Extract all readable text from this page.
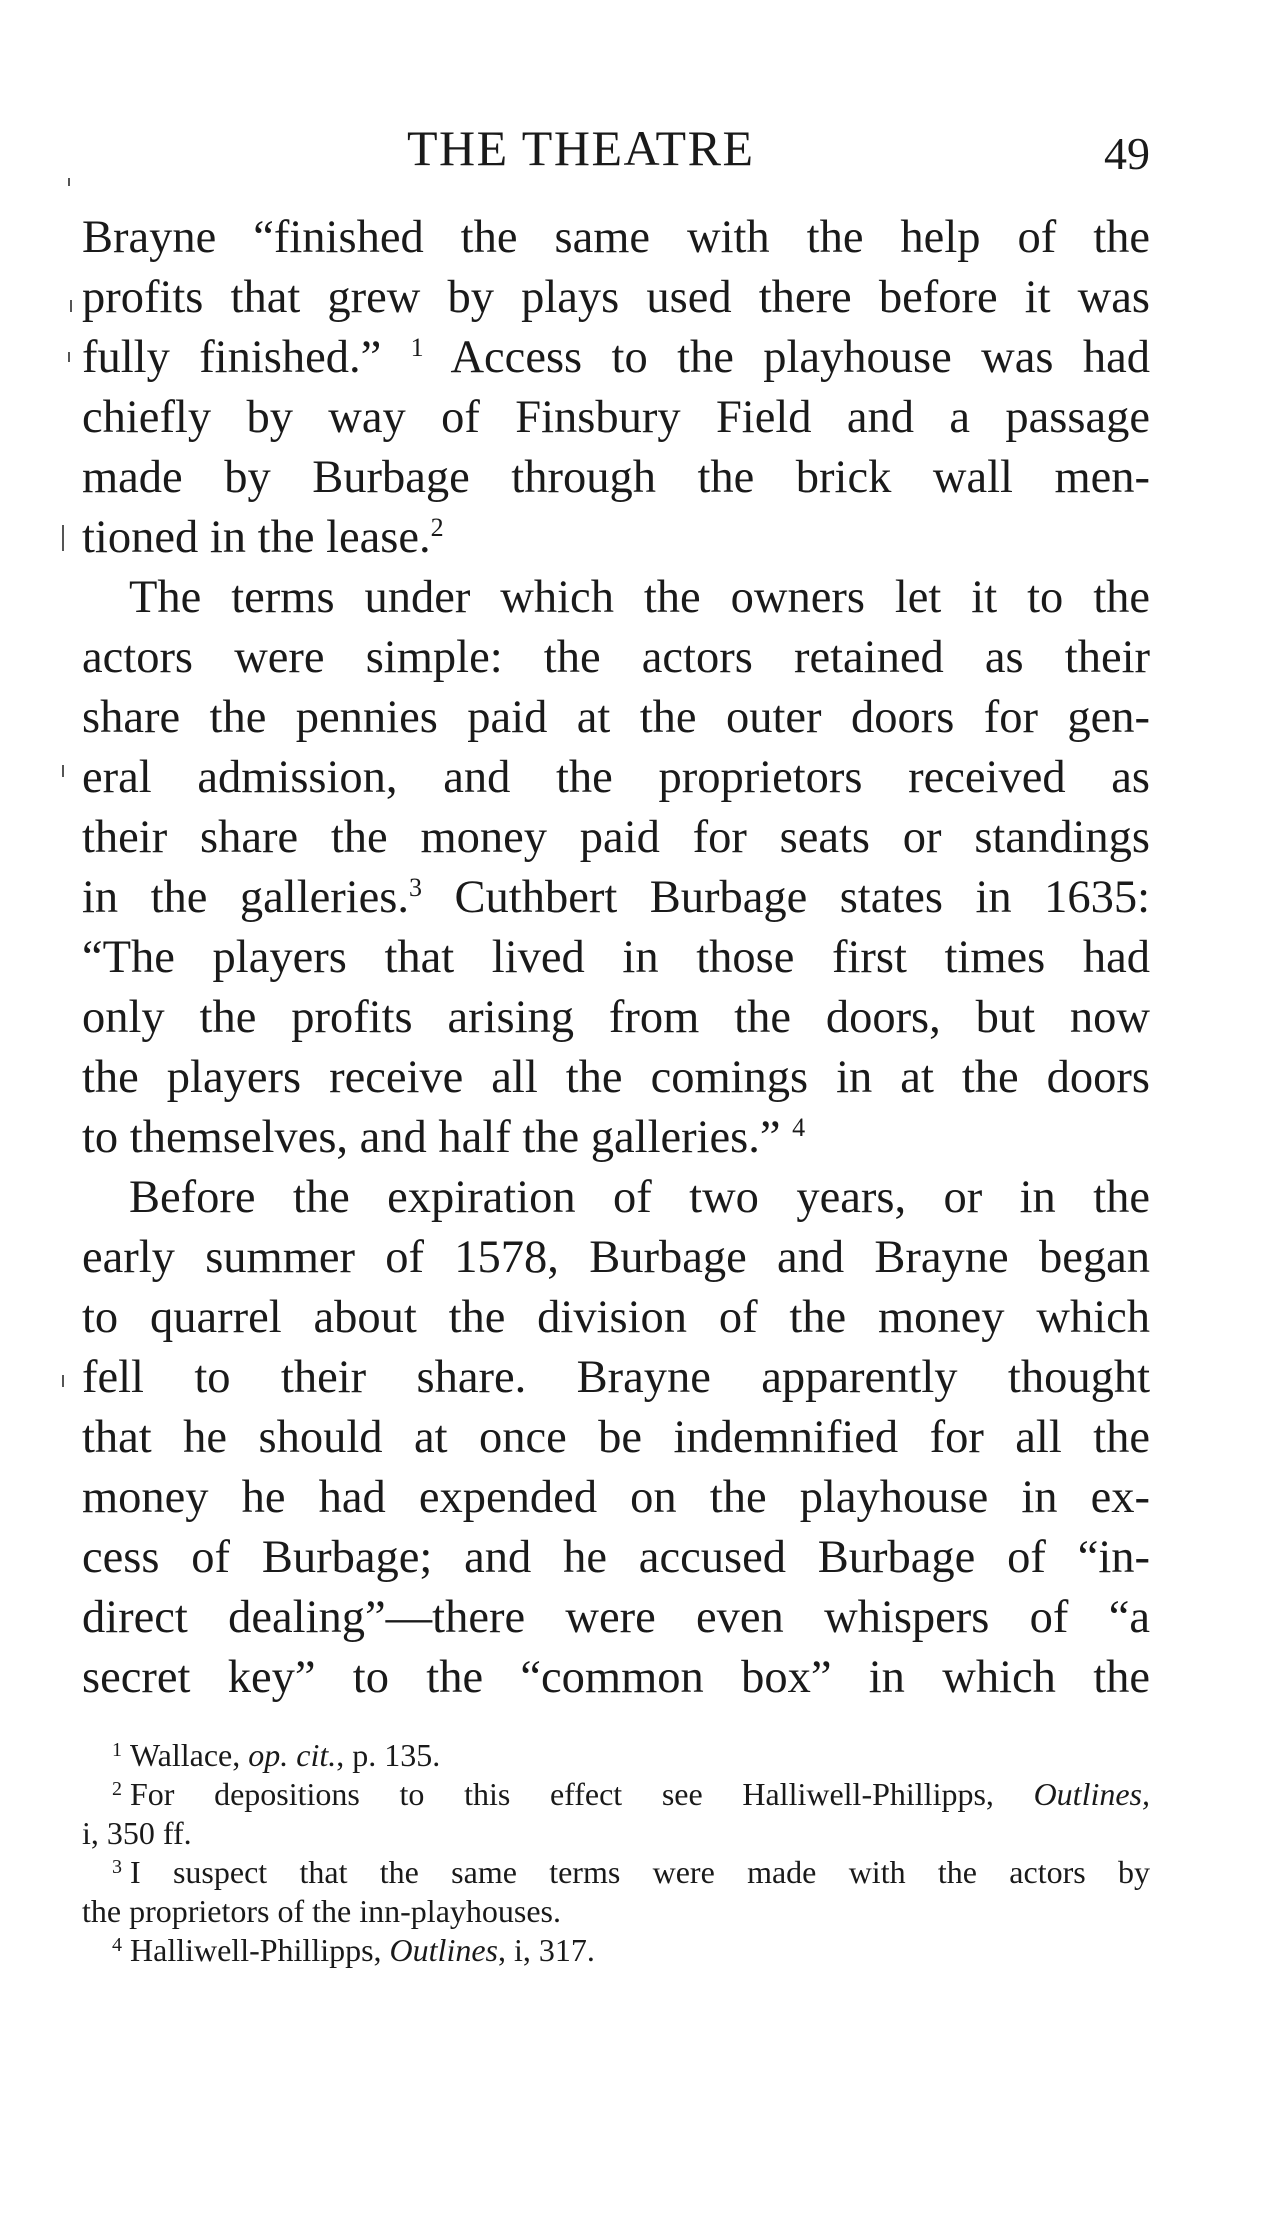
THE THEATRE	49
Brayne “finished the same with the help of the
profits that grew by plays used there before it was
fully finished.” $^1$ Access to the playhouse was had
chiefly by way of Finsbury Field and a passage
made by Burbage through the brick wall men-
tioned in the lease.$^2$
The terms under which the owners let it to the
actors were simple: the actors retained as their
share the pennies paid at the outer doors for gen-
eral admission, and the proprietors received as
their share the money paid for seats or standings
in the galleries.$^3$ Cuthbert Burbage states in 1635:
“The players that lived in those first times had
only the profits arising from the doors, but now
the players receive all the comings in at the doors
to themselves, and half the galleries.” $^4$
Before the expiration of two years, or in the
early summer of 1578, Burbage and Brayne began
to quarrel about the division of the money which
fell to their share. Brayne apparently thought
that he should at once be indemnified for all the
money he had expended on the playhouse in ex-
cess of Burbage; and he accused Burbage of “in-
direct dealing”—there were even whispers of “a
secret key” to the “common box” in which the
$^1$ Wallace, op. cit., p. 135.
$^2$ For depositions to this effect see Halliwell-Phillipps, Outlines,
i, 350 ff.
$^3$ I suspect that the same terms were made with the actors by
the proprietors of the inn-playhouses.
$^4$ Halliwell-Phillipps, Outlines, i, 317.
